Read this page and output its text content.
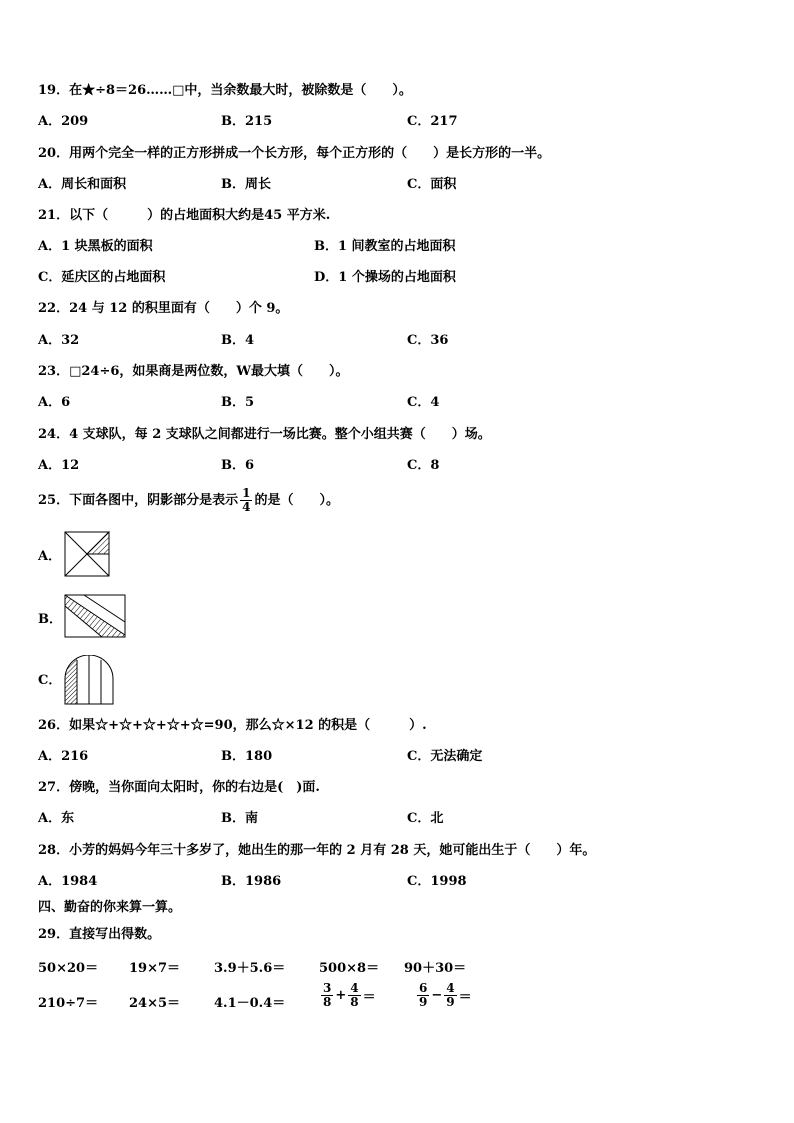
19．在★÷8＝26……□中，当余数最大时，被除数是（　　）。
A．209	B．215	C．217
20．用两个完全一样的正方形拼成一个长方形，每个正方形的（　　）是长方形的一半。
A．周长和面积	B．周长	C．面积
21．以下（　　　）的占地面积大约是45 平方米.
A．1 块黑板的面积	B．1 间教室的占地面积
C．延庆区的占地面积	D．1 个操场的占地面积
22．24 与 12 的积里面有（　　）个 9。
A．32	B．4	C．36
23．□24÷6，如果商是两位数，W最大填（　　）。
A．6	B．5	C．4
24．4 支球队，每 2 支球队之间都进行一场比赛。整个小组共赛（　　）场。
A．12	B．6	C．8
25．下面各图中，阴影部分是表示 $\frac{1}{4}$ 的是（　　）。
A．
B．
C．
26．如果☆+☆+☆+☆+☆=90，那么☆×12 的积是（　　　）.
A．216	B．180	C．无法确定
27．傍晚，当你面向太阳时，你的右边是(　)面.
A．东	B．南	C．北
28．小芳的妈妈今年三十多岁了，她出生的那一年的 2 月有 28 天，她可能出生于（　　）年。
A．1984	B．1986	C．1998
四、勤奋的你来算一算。
29．直接写出得数。
50×20＝ 19×7＝	3.9＋5.6＝	500×8＝ 90＋30＝
210÷7＝ 24×5＝	4.1－0.4＝	$\frac{3}{8} + \frac{4}{8}$ ＝	$\frac{6}{9} - \frac{4}{9}$ ＝
